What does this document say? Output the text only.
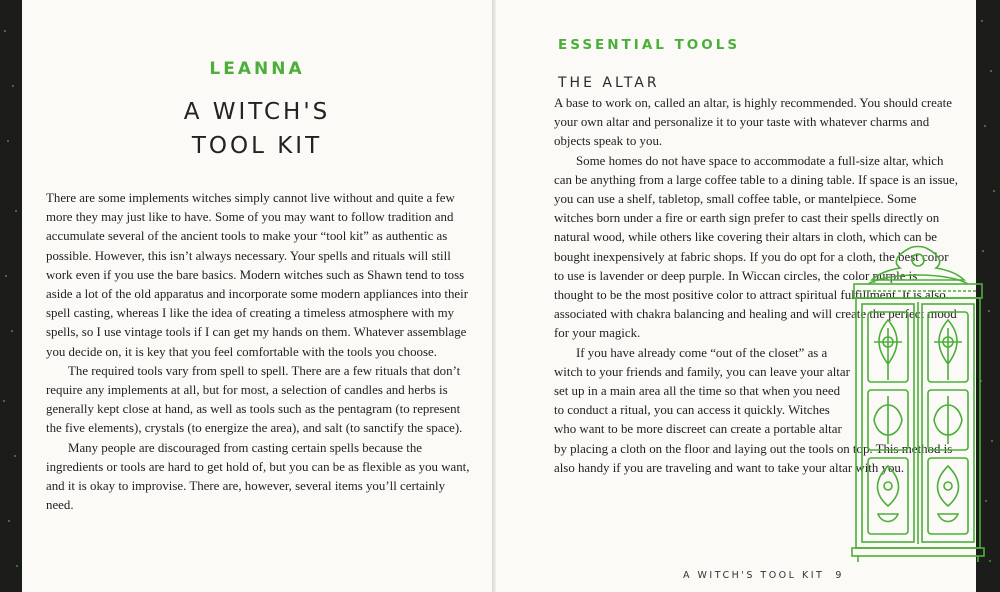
LEANNA
A WITCH'S
TOOL KIT

There are some implements witches simply cannot live without and quite a few more they may just like to have. Some of you may want to follow tradition and accumulate several of the ancient tools to make your “tool kit” as authentic as possible. However, this isn’t always necessary. Your spells and rituals will still work even if you use the bare basics. Modern witches such as Shawn tend to toss aside a lot of the old apparatus and incorporate some modern appliances into their spell casting, whereas I like the idea of creating a timeless atmosphere with my spells, so I use vintage tools if I can get my hands on them. Whatever assemblage you decide on, it is key that you feel comfortable with the tools you choose.

The required tools vary from spell to spell. There are a few rituals that don’t require any implements at all, but for most, a selection of candles and herbs is generally kept close at hand, as well as tools such as the pentagram (to represent the five elements), crystals (to energize the area), and salt (to sanctify the space).

Many people are discouraged from casting certain spells because the ingredients or tools are hard to get hold of, but you can be as flexible as you want, and it is okay to improvise. There are, however, several items you’ll certainly need.

ESSENTIAL TOOLS
THE ALTAR

A base to work on, called an altar, is highly recommended. You should create your own altar and personalize it to your taste with whatever charms and objects speak to you.

Some homes do not have space to accommodate a full-size altar, which can be anything from a large coffee table to a dining table. If space is an issue, you can use a shelf, tabletop, small coffee table, or mantelpiece. Some witches born under a fire or earth sign prefer to cast their spells directly on natural wood, while others like covering their altars in cloth, which can be bought inexpensively at fabric shops. If you do opt for a cloth, the best color to use is lavender or deep purple. In Wiccan circles, the color purple is thought to be the most positive color to attract spiritual fulfillment. It is also associated with chakra balancing and healing and will create the perfect mood for your magick.

If you have already come “out of the closet” as a witch to your friends and family, you can leave your altar set up in a main area all the time so that when you need to conduct a ritual, you can access it quickly. Witches who want to be more discreet can create a portable altar by placing a cloth on the floor and laying out the tools on top. This method is also handy if you are traveling and want to take your altar with you.

A WITCH'S TOOL KIT 9
